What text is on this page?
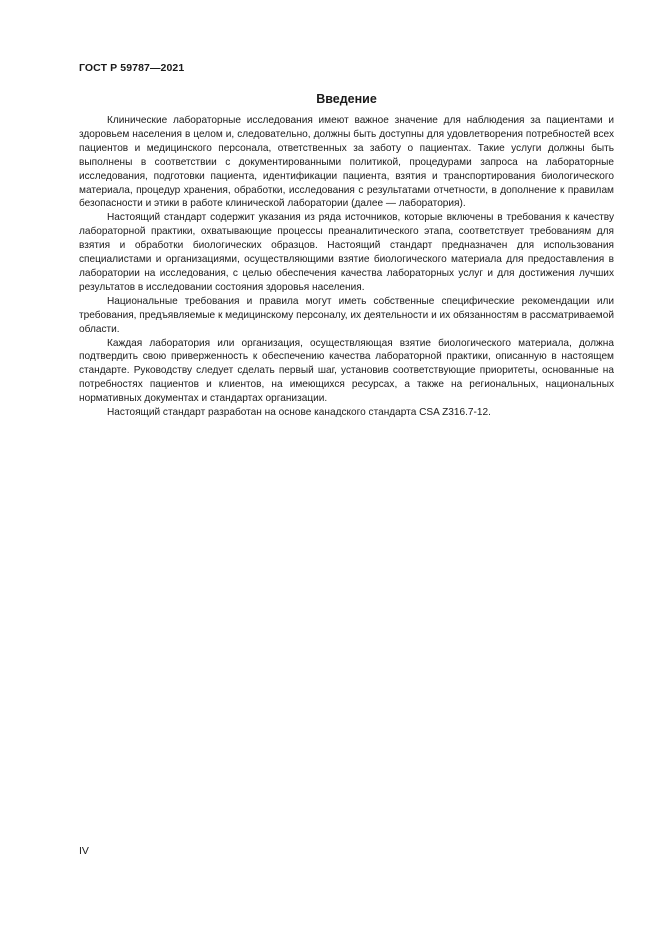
ГОСТ Р 59787—2021
Введение

Клинические лабораторные исследования имеют важное значение для наблюдения за пациентами и здоровьем населения в целом и, следовательно, должны быть доступны для удовлетворения потребностей всех пациентов и медицинского персонала, ответственных за заботу о пациентах. Такие услуги должны быть выполнены в соответствии с документированными политикой, процедурами запроса на лабораторные исследования, подготовки пациента, идентификации пациента, взятия и транспортирования биологического материала, процедур хранения, обработки, исследования с результатами отчетности, в дополнение к правилам безопасности и этики в работе клинической лаборатории (далее — лаборатория).

Настоящий стандарт содержит указания из ряда источников, которые включены в требования к качеству лабораторной практики, охватывающие процессы преаналитического этапа, соответствует требованиям для взятия и обработки биологических образцов. Настоящий стандарт предназначен для использования специалистами и организациями, осуществляющими взятие биологического материала для предоставления в лаборатории на исследования, с целью обеспечения качества лабораторных услуг и для достижения лучших результатов в исследовании состояния здоровья населения.

Национальные требования и правила могут иметь собственные специфические рекомендации или требования, предъявляемые к медицинскому персоналу, их деятельности и их обязанностям в рассматриваемой области.

Каждая лаборатория или организация, осуществляющая взятие биологического материала, должна подтвердить свою приверженность к обеспечению качества лабораторной практики, описанную в настоящем стандарте. Руководству следует сделать первый шаг, установив соответствующие приоритеты, основанные на потребностях пациентов и клиентов, на имеющихся ресурсах, а также на региональных, национальных нормативных документах и стандартах организации.

Настоящий стандарт разработан на основе канадского стандарта CSA Z316.7-12.

IV
